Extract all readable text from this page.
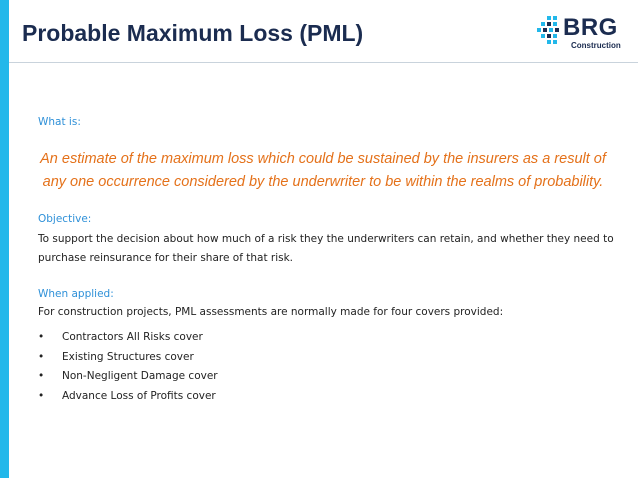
Probable Maximum Loss (PML)	BRG
Construction
What is:
An estimate of the maximum loss which could be sustained by the insurers as a result of
any one occurrence considered by the underwriter to be within the realms of probability.
Objective:
To support the decision about how much of a risk they the underwriters can retain, and whether they need to
purchase reinsurance for their share of that risk.
When applied:
For construction projects, PML assessments are normally made for four covers provided:
• Contractors All Risks cover
• Existing Structures cover
• Non-Negligent Damage cover
• Advance Loss of Profits cover
